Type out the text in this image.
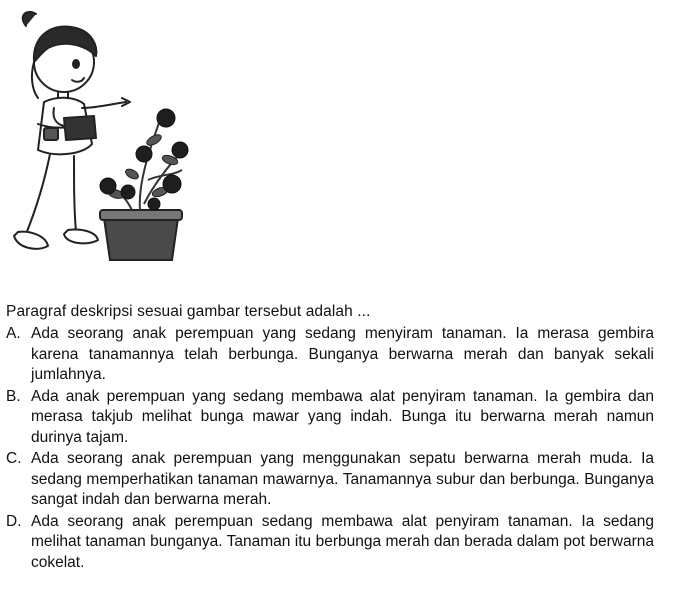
Paragraf deskripsi sesuai gambar tersebut adalah ...
A. Ada seorang anak perempuan yang sedang menyiram tanaman. Ia merasa gembira karena tanamannya telah berbunga. Bunganya berwarna merah dan banyak sekali jumlahnya.
B. Ada anak perempuan yang sedang membawa alat penyiram tanaman. Ia gembira dan merasa takjub melihat bunga mawar yang indah. Bunga itu berwarna merah namun durinya tajam.
C. Ada seorang anak perempuan yang menggunakan sepatu berwarna merah muda. Ia sedang memperhatikan tanaman mawarnya. Tanamannya subur dan berbunga. Bunganya sangat indah dan berwarna merah.
D. Ada seorang anak perempuan sedang membawa alat penyiram tanaman. Ia sedang melihat tanaman bunganya. Tanaman itu berbunga merah dan berada dalam pot berwarna cokelat.
